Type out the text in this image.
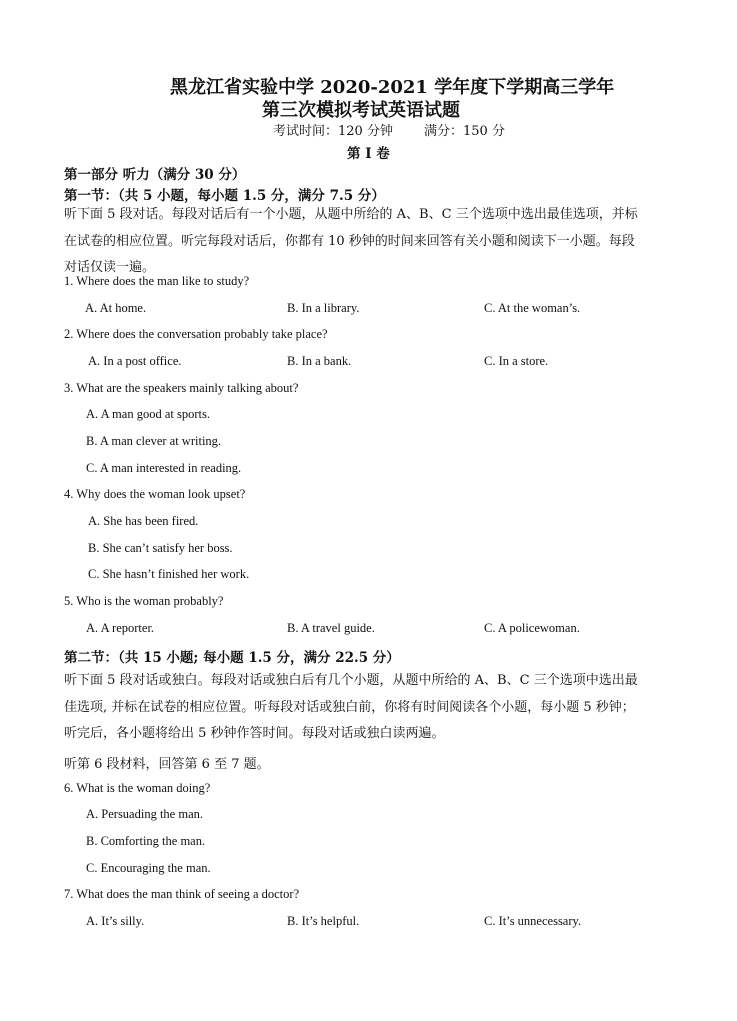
黑龙江省实验中学 2020-2021 学年度下学期高三学年
第三次模拟考试英语试题
考试时间：120 分钟 满分：150 分
第 I 卷
第一部分 听力（满分 30 分）
第一节：（共 5 小题，每小题 1.5 分，满分 7.5 分）
听下面 5 段对话。每段对话后有一个小题，从题中所给的 A、B、C 三个选项中选出最佳选项，并标
在试卷的相应位置。听完每段对话后，你都有 10 秒钟的时间来回答有关小题和阅读下一小题。每段
对话仅读一遍。
1. Where does the man like to study?
A. At home.	B. In a library.	C. At the woman’s.
2. Where does the conversation probably take place?
A. In a post office.	B. In a bank.	C. In a store.
3. What are the speakers mainly talking about?
A. A man good at sports.
B. A man clever at writing.
C. A man interested in reading.
4. Why does the woman look upset?
A. She has been fired.
B. She can’t satisfy her boss.
C. She hasn’t finished her work.
5. Who is the woman probably?
A. A reporter.	B. A travel guide.	C. A policewoman.
第二节：（共 15 小题; 每小题 1.5 分，满分 22.5 分）
听下面 5 段对话或独白。每段对话或独白后有几个小题，从题中所给的 A、B、C 三个选项中选出最
佳选项, 并标在试卷的相应位置。听每段对话或独白前，你将有时间阅读各个小题，每小题 5 秒钟；
听完后，各小题将给出 5 秒钟作答时间。每段对话或独白读两遍。
听第 6 段材料，回答第 6 至 7 题。
6. What is the woman doing?
A. Persuading the man.
B. Comforting the man.
C. Encouraging the man.
7. What does the man think of seeing a doctor?
A. It’s silly.	B. It’s helpful.	C. It’s unnecessary.
